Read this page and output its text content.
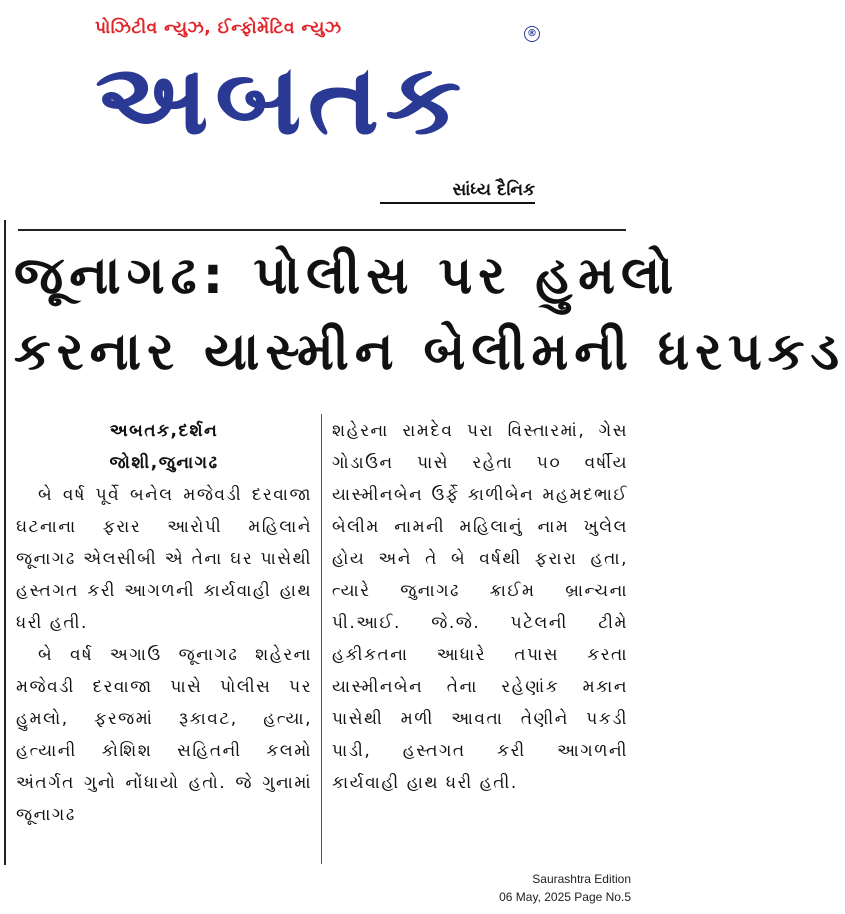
પોઝિટીવ ન્યુઝ, ઈન્ફોર્મેટિવ ન્યુઝ	®
અબતક
સાંધ્ય દૈનિક
જૂનાગઢ: પોલીસ પર હુમલો
કરનાર યાસ્મીન બેલીમની ધરપકડ
અબતક,દર્શન
જોશી,જુનાગઢ

બે વર્ષ પૂર્વે બનેલ મજેવડી દરવાજા ઘટનાના ફરાર આરોપી મહિલાને જૂનાગઢ એલસીબી એ તેના ઘર પાસેથી હસ્તગત કરી આગળની કાર્યવાહી હાથ ધરી હતી.

બે વર્ષ અગાઉ જૂનાગઢ શહેરના મજેવડી દરવાજા પાસે પોલીસ પર હુમલો, ફરજમાં રૂકાવટ, હત્યા, હત્યાની કોશિશ સહિતની કલમો અંતર્ગત ગુનો નોંધાયો હતો. જે ગુનામાં જૂનાગઢ

શહેરના રામદેવ પરા વિસ્તારમાં, ગેસ ગોડાઉન પાસે રહેતા ૫૦ વર્ષીય યાસ્મીનબેન ઉર્ફે કાળીબેન મહમદભાઈ બેલીમ નામની મહિલાનું નામ ખુલેલ હોય અને તે બે વર્ષથી ફરારા હતા, ત્યારે જુનાગઢ ક્રાઈમ બ્રાન્ચના પી.આઈ. જે.જે. પટેલની ટીમે હકીકતના આધારે તપાસ કરતા યાસ્મીનબેન તેના રહેણાંક મકાન પાસેથી મળી આવતા તેણીને પકડી પાડી, હસ્તગત કરી આગળની કાર્યવાહી હાથ ધરી હતી.

Saurashtra Edition
06 May, 2025 Page No.5
